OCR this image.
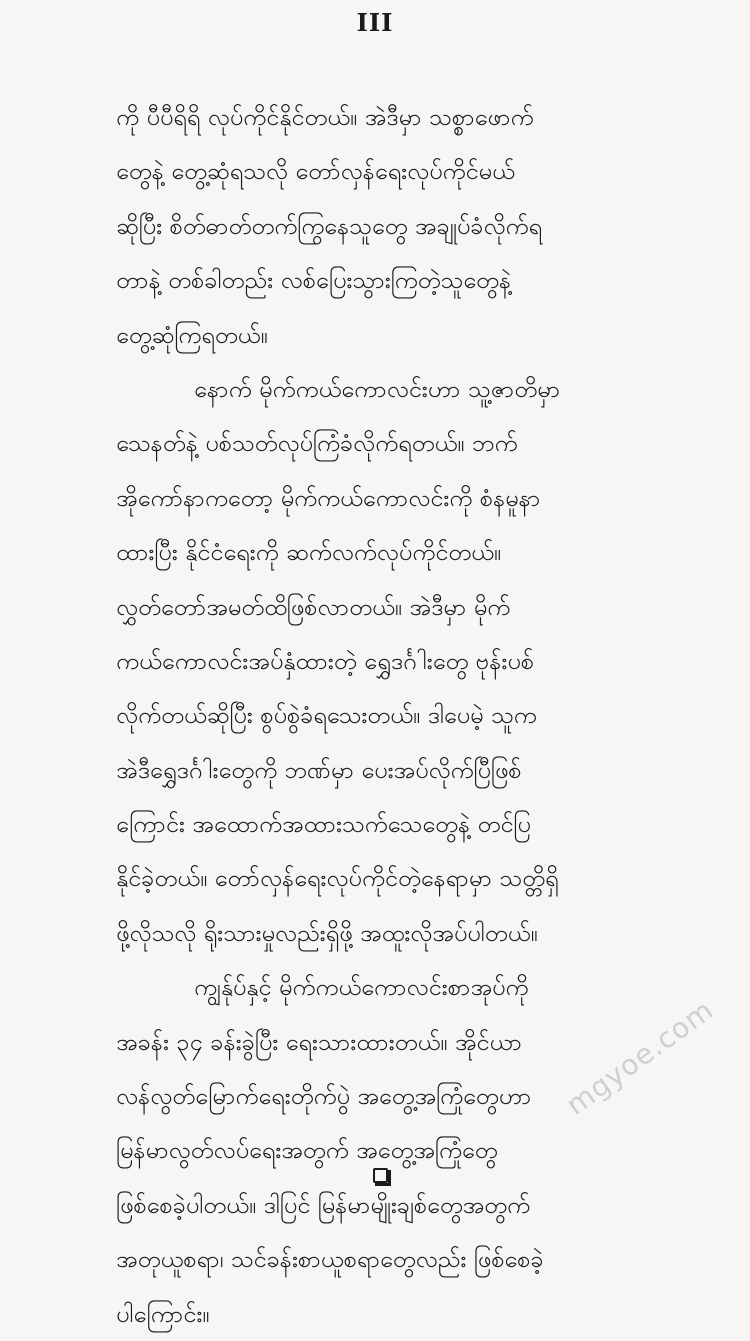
III
ကို ပီပီရိရိ လုပ်ကိုင်နိုင်တယ်။ အဲဒီမှာ သစ္စာဖောက်
တွေနဲ့ တွေ့ဆုံရသလို တော်လှန်ရေးလုပ်ကိုင်မယ်
ဆိုပြီး စိတ်ဓာတ်တက်ကြွနေသူတွေ အချုပ်ခံလိုက်ရ
တာနဲ့ တစ်ခါတည်း လစ်ပြေးသွားကြတဲ့သူတွေနဲ့
တွေ့ဆုံကြရတယ်။
နောက် မိုက်ကယ်ကောလင်းဟာ သူ့ဇာတိမှာ
သေနတ်နဲ့ ပစ်သတ်လုပ်ကြံခံလိုက်ရတယ်။ ဘက်
အိုကော်နာကတော့ မိုက်ကယ်ကောလင်းကို စံနမူနာ
ထားပြီး နိုင်ငံရေးကို ဆက်လက်လုပ်ကိုင်တယ်။
လွှတ်တော်အမတ်ထိဖြစ်လာတယ်။ အဲဒီမှာ မိုက်
ကယ်ကောလင်းအပ်နှံထားတဲ့ ရွှေဒင်္ဂါးတွေ ဗုန်းပစ်
လိုက်တယ်ဆိုပြီး စွပ်စွဲခံရသေးတယ်။ ဒါပေမဲ့ သူက
အဲဒီရွှေဒင်္ဂါးတွေကို ဘဏ်မှာ ပေးအပ်လိုက်ပြီဖြစ်
ကြောင်း အထောက်အထားသက်သေတွေနဲ့ တင်ပြ
နိုင်ခဲ့တယ်။ တော်လှန်ရေးလုပ်ကိုင်တဲ့နေရာမှာ သတ္တိရှိ
ဖို့လိုသလို ရိုးသားမှုလည်းရှိဖို့ အထူးလိုအပ်ပါတယ်။
ကျွန်ုပ်နှင့် မိုက်ကယ်ကောလင်းစာအုပ်ကို
အခန်း ၃၄ ခန်းခွဲပြီး ရေးသားထားတယ်။ အိုင်ယာ
လန်လွတ်မြောက်ရေးတိုက်ပွဲ အတွေ့အကြုံတွေဟာ
မြန်မာလွတ်လပ်ရေးအတွက် အတွေ့အကြုံတွေ
ဖြစ်စေခဲ့ပါတယ်။ ဒါပြင် မြန်မာမျိုးချစ်တွေအတွက်
အတုယူစရာ၊ သင်ခန်းစာယူစရာတွေလည်း ဖြစ်စေခဲ့
ပါကြောင်း။
mgyoe.com
